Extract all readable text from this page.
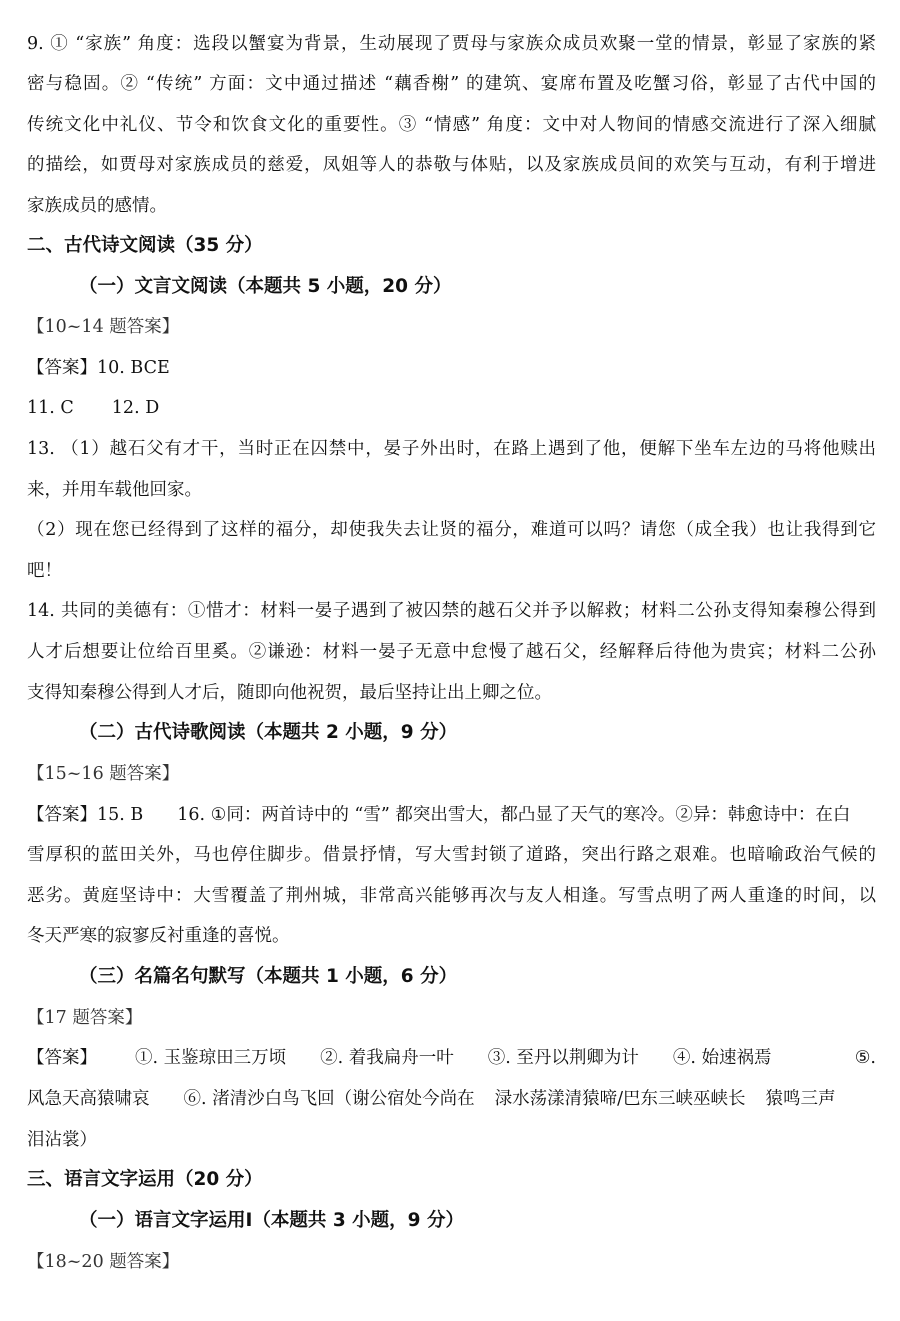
9. ① “家族” 角度：选段以蟹宴为背景，生动展现了贾母与家族众成员欢聚一堂的情景，彰显了家族的紧
密与稳固。② “传统” 方面：文中通过描述 “藕香榭” 的建筑、宴席布置及吃蟹习俗，彰显了古代中国的
传统文化中礼仪、节令和饮食文化的重要性。③ “情感” 角度：文中对人物间的情感交流进行了深入细腻
的描绘，如贾母对家族成员的慈爱，凤姐等人的恭敬与体贴，以及家族成员间的欢笑与互动，有利于增进
家族成员的感情。
二、古代诗文阅读（35 分）
（一）文言文阅读（本题共 5 小题，20 分）
【10~14 题答案】
【答案】10. BCE
11. C 12. D
13. （1）越石父有才干，当时正在囚禁中，晏子外出时，在路上遇到了他，便解下坐车左边的马将他赎出
来，并用车载他回家。
（2）现在您已经得到了这样的福分，却使我失去让贤的福分，难道可以吗？请您（成全我）也让我得到它
吧！
14. 共同的美德有：①惜才：材料一晏子遇到了被囚禁的越石父并予以解救；材料二公孙支得知秦穆公得到
人才后想要让位给百里奚。②谦逊：材料一晏子无意中怠慢了越石父，经解释后待他为贵宾；材料二公孙
支得知秦穆公得到人才后，随即向他祝贺，最后坚持让出上卿之位。
（二）古代诗歌阅读（本题共 2 小题，9 分）
【15~16 题答案】
【答案】15. B 16. ①同：两首诗中的 “雪” 都突出雪大，都凸显了天气的寒冷。②异：韩愈诗中：在白
雪厚积的蓝田关外，马也停住脚步。借景抒情，写大雪封锁了道路，突出行路之艰难。也暗喻政治气候的
恶劣。黄庭坚诗中：大雪覆盖了荆州城，非常高兴能够再次与友人相逢。写雪点明了两人重逢的时间，以
冬天严寒的寂寥反衬重逢的喜悦。
（三）名篇名句默写（本题共 1 小题，6 分）
【17 题答案】
【答案】 ①. 玉鉴琼田三万顷 ②. 着我扁舟一叶 ③. 至丹以荆卿为计 ④. 始速祸焉	⑤.
风急天高猿啸哀 ⑥. 渚清沙白鸟飞回（谢公宿处今尚在 渌水荡漾清猿啼/巴东三峡巫峡长 猿鸣三声
泪沾裳）
三、语言文字运用（20 分）
（一）语言文字运用Ⅰ（本题共 3 小题，9 分）
【18~20 题答案】
